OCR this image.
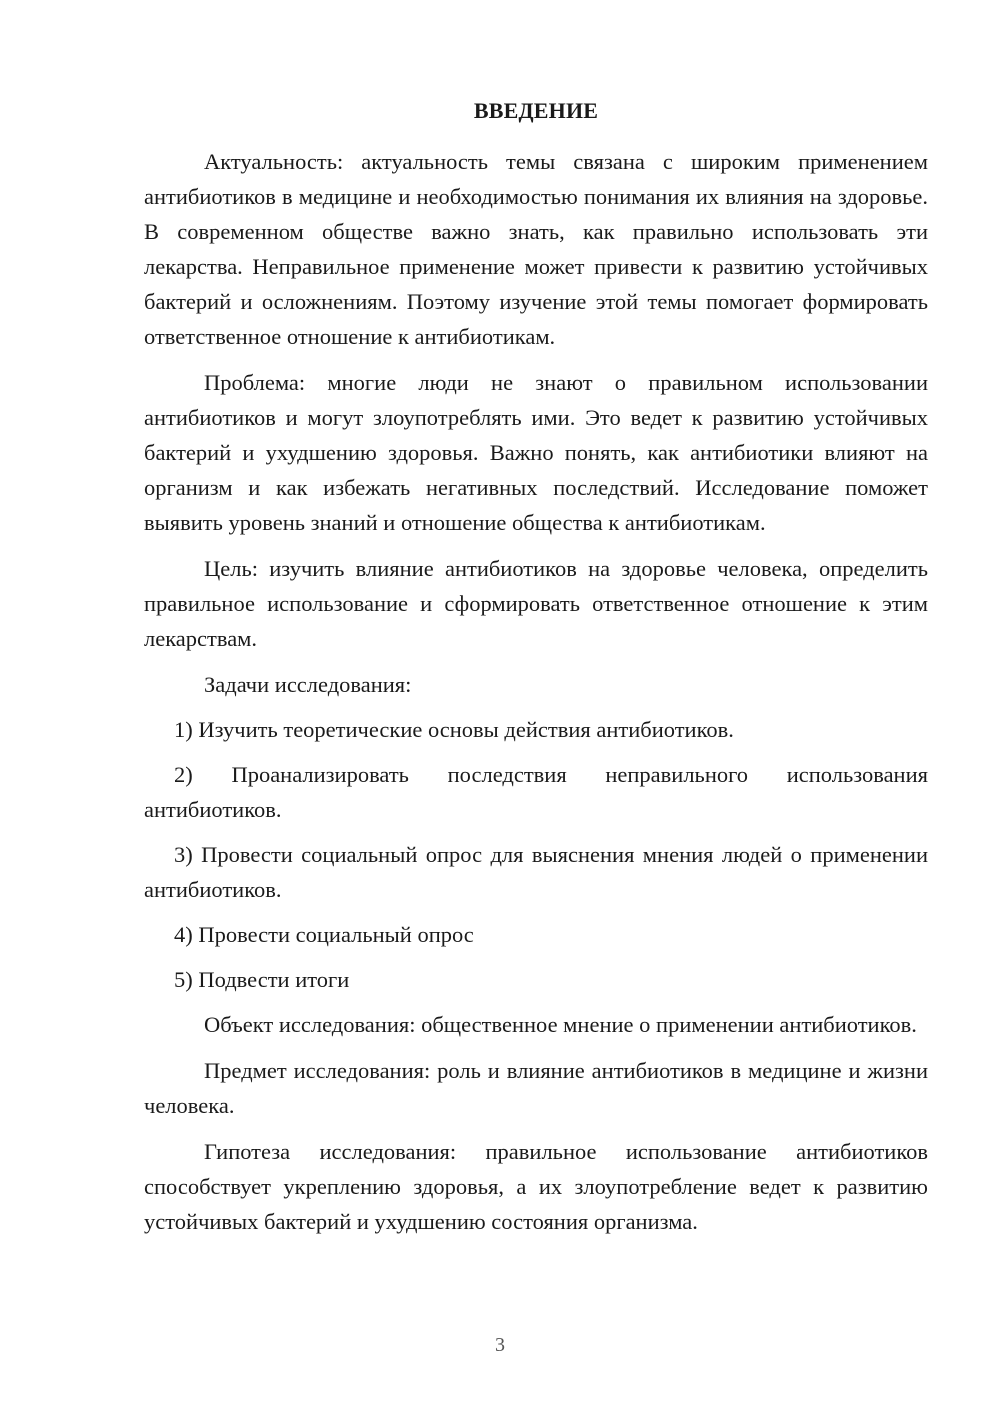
ВВЕДЕНИЕ

Актуальность: актуальность темы связана с широким применением антибиотиков в медицине и необходимостью понимания их влияния на здоровье. В современном обществе важно знать, как правильно использовать эти лекарства. Неправильное применение может привести к развитию устойчивых бактерий и осложнениям. Поэтому изучение этой темы помогает формировать ответственное отношение к антибиотикам.

Проблема: многие люди не знают о правильном использовании антибиотиков и могут злоупотреблять ими. Это ведет к развитию устойчивых бактерий и ухудшению здоровья. Важно понять, как антибиотики влияют на организм и как избежать негативных последствий. Исследование поможет выявить уровень знаний и отношение общества к антибиотикам.

Цель: изучить влияние антибиотиков на здоровье человека, определить правильное использование и сформировать ответственное отношение к этим лекарствам.

Задачи исследования:

1) Изучить теоретические основы действия антибиотиков.

2) Проанализировать последствия неправильного использования антибиотиков.

3) Провести социальный опрос для выяснения мнения людей о применении антибиотиков.

4) Провести социальный опрос

5) Подвести итоги

Объект исследования: общественное мнение о применении антибиотиков.

Предмет исследования: роль и влияние антибиотиков в медицине и жизни человека.

Гипотеза исследования: правильное использование антибиотиков способствует укреплению здоровья, а их злоупотребление ведет к развитию устойчивых бактерий и ухудшению состояния организма.

3
